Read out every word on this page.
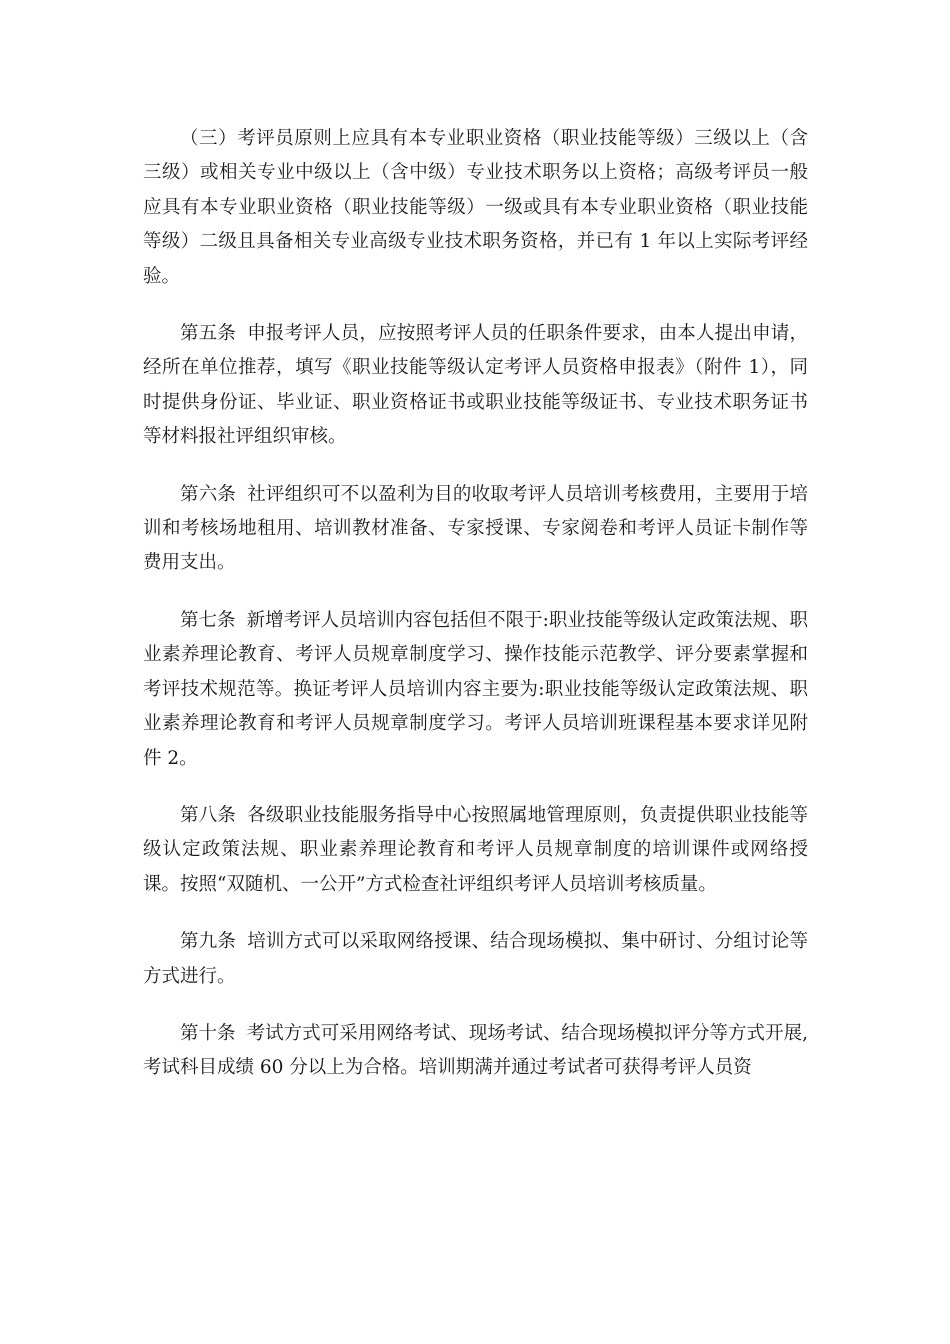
（三）考评员原则上应具有本专业职业资格（职业技能等级）三级以上（含三级）或相关专业中级以上（含中级）专业技术职务以上资格；高级考评员一般应具有本专业职业资格（职业技能等级）一级或具有本专业职业资格（职业技能等级）二级且具备相关专业高级专业技术职务资格，并已有 1 年以上实际考评经验。

第五条 申报考评人员，应按照考评人员的任职条件要求，由本人提出申请，经所在单位推荐，填写《职业技能等级认定考评人员资格申报表》（附件 1），同时提供身份证、毕业证、职业资格证书或职业技能等级证书、专业技术职务证书等材料报社评组织审核。

第六条 社评组织可不以盈利为目的收取考评人员培训考核费用，主要用于培训和考核场地租用、培训教材准备、专家授课、专家阅卷和考评人员证卡制作等费用支出。

第七条 新增考评人员培训内容包括但不限于:职业技能等级认定政策法规、职业素养理论教育、考评人员规章制度学习、操作技能示范教学、评分要素掌握和考评技术规范等。换证考评人员培训内容主要为:职业技能等级认定政策法规、职业素养理论教育和考评人员规章制度学习。考评人员培训班课程基本要求详见附件 2。

第八条 各级职业技能服务指导中心按照属地管理原则，负责提供职业技能等级认定政策法规、职业素养理论教育和考评人员规章制度的培训课件或网络授课。按照“双随机、一公开”方式检查社评组织考评人员培训考核质量。

第九条 培训方式可以采取网络授课、结合现场模拟、集中研讨、分组讨论等方式进行。

第十条 考试方式可采用网络考试、现场考试、结合现场模拟评分等方式开展,考试科目成绩 60 分以上为合格。培训期满并通过考试者可获得考评人员资
